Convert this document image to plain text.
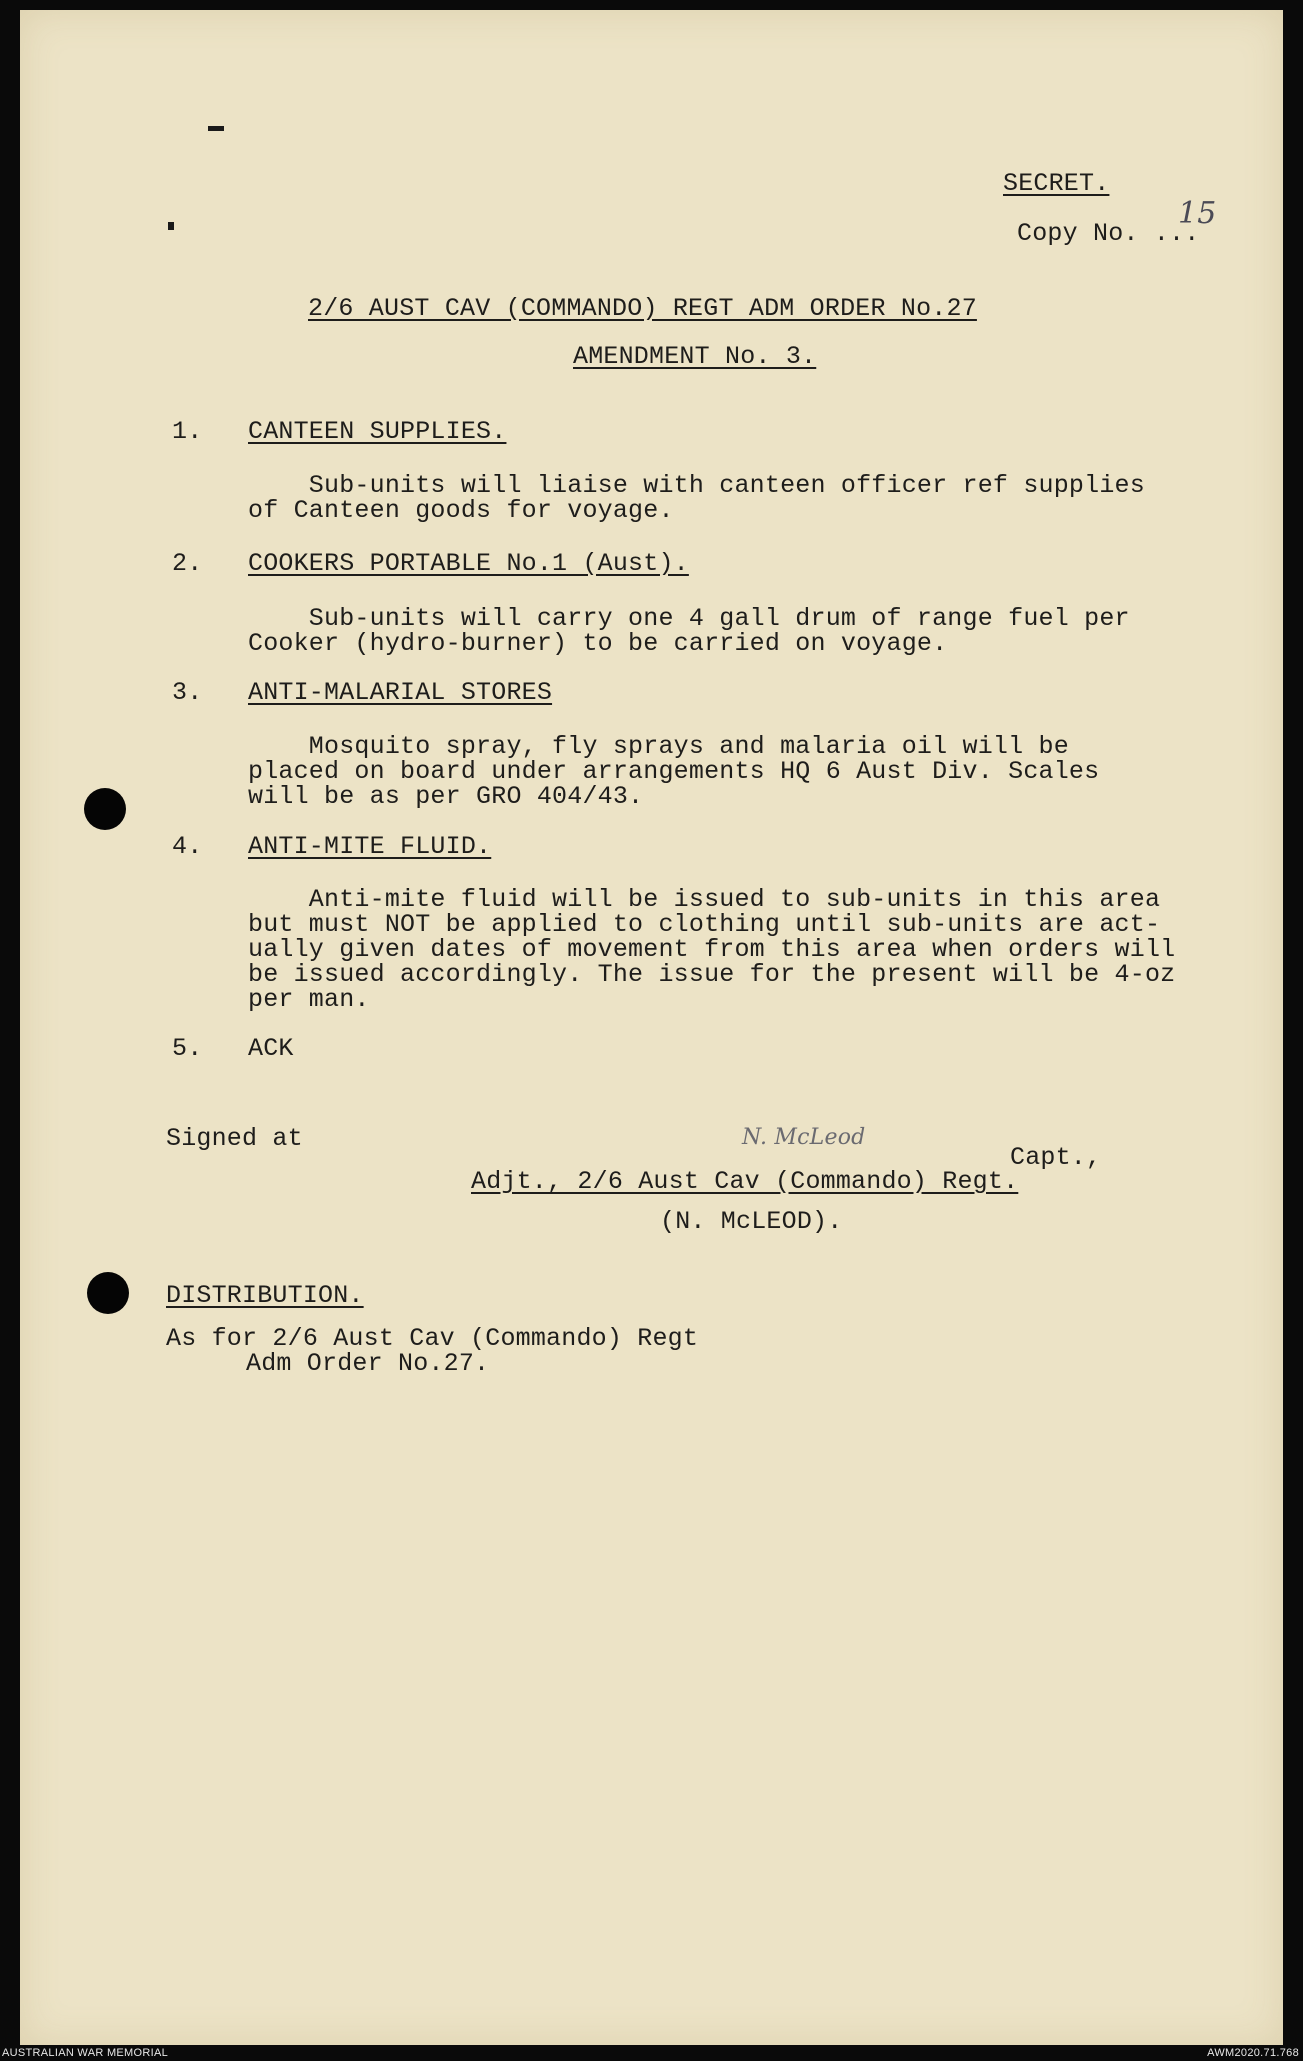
SECRET.
Copy No. ...
15
2/6 AUST CAV (COMMANDO) REGT ADM ORDER No.27
AMENDMENT No. 3.
1. CANTEEN SUPPLIES.
Sub-units will liaise with canteen officer ref supplies
of Canteen goods for voyage.
2. COOKERS PORTABLE No.1 (Aust).
Sub-units will carry one 4 gall drum of range fuel per
Cooker (hydro-burner) to be carried on voyage.
3. ANTI-MALARIAL STORES
Mosquito spray, fly sprays and malaria oil will be
placed on board under arrangements HQ 6 Aust Div. Scales
will be as per GRO 404/43.
4. ANTI-MITE FLUID.
Anti-mite fluid will be issued to sub-units in this area
but must NOT be applied to clothing until sub-units are act-
ually given dates of movement from this area when orders will
be issued accordingly. The issue for the present will be 4-oz
per man.
5. ACK
Signed at	N. McLeod
Capt.,
Adjt., 2/6 Aust Cav (Commando) Regt.
(N. McLEOD).
DISTRIBUTION.
As for 2/6 Aust Cav (Commando) Regt
Adm Order No.27.
AUSTRALIAN WAR MEMORIAL	AWM2020.71.768
